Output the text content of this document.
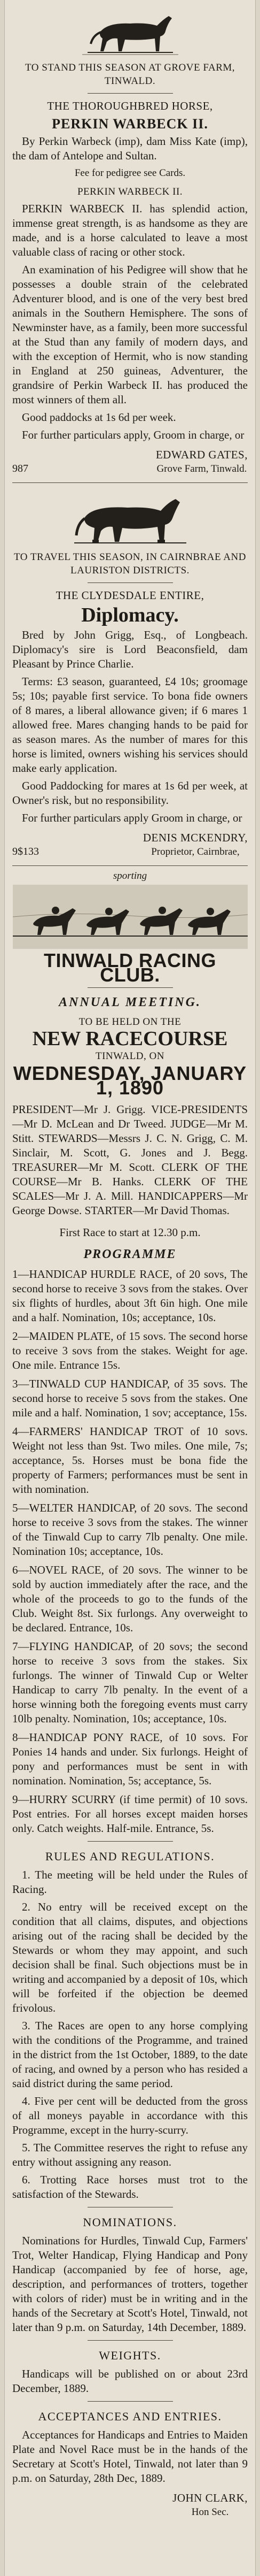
TO STAND THIS SEASON AT GROVE FARM, TINWALD.
THE THOROUGHBRED HORSE,
PERKIN WARBECK II.

By Perkin Warbeck (imp), dam Miss Kate (imp), the dam of Antelope and Sultan.

Fee for pedigree see Cards.
PERKIN WARBECK II.

PERKIN WARBECK II. has splendid action, immense great strength, is as handsome as they are made, and is a horse calculated to leave a most valuable class of racing or other stock.

An examination of his Pedigree will show that he possesses a double strain of the celebrated Adventurer blood, and is one of the very best bred animals in the Southern Hemisphere. The sons of Newminster have, as a family, been more successful at the Stud than any family of modern days, and with the exception of Hermit, who is now standing in England at 250 guineas, Adventurer, the grandsire of Perkin Warbeck II. has produced the most winners of them all.

Good paddocks at 1s 6d per week.

For further particulars apply, Groom in charge, or

EDWARD GATES,
Grove Farm, Tinwald.
987
TO TRAVEL THIS SEASON, IN CAIRNBRAE AND LAURISTON DISTRICTS.
THE CLYDESDALE ENTIRE,
Diplomacy.

Bred by John Grigg, Esq., of Longbeach. Diplomacy's sire is Lord Beaconsfield, dam Pleasant by Prince Charlie.

Terms: £3 season, guaranteed, £4 10s; groomage 5s; 10s; payable first service. To bona fide owners of 8 mares, a liberal allowance given; if 6 mares 1 allowed free. Mares changing hands to be paid for as season mares. As the number of mares for this horse is limited, owners wishing his services should make early application.

Good Paddocking for mares at 1s 6d per week, at Owner's risk, but no responsibility.

For further particulars apply Groom in charge, or

DENIS MCKENDRY,
Proprietor, Cairnbrae,
9$133
sporting
TINWALD RACING CLUB.
ANNUAL MEETING.
TO BE HELD ON THE
NEW RACECOURSE
TINWALD, ON
WEDNESDAY, JANUARY 1, 1890

PRESIDENT—Mr J. Grigg. VICE-PRESIDENTS—Mr D. McLean and Dr Tweed. JUDGE—Mr M. Stitt. STEWARDS—Messrs J. C. N. Grigg, C. M. Sinclair, M. Scott, G. Jones and J. Begg. TREASURER—Mr M. Scott. CLERK OF THE COURSE—Mr B. Hanks. CLERK OF THE SCALES—Mr J. A. Mill. HANDICAPPERS—Mr George Dowse. STARTER—Mr David Thomas.

First Race to start at 12.30 p.m.
PROGRAMME

1—HANDICAP HURDLE RACE, of 20 sovs, The second horse to receive 3 sovs from the stakes. Over six flights of hurdles, about 3ft 6in high. One mile and a half. Nomination, 10s; acceptance, 10s.

2—MAIDEN PLATE, of 15 sovs. The second horse to receive 3 sovs from the stakes. Weight for age. One mile. Entrance 15s.

3—TINWALD CUP HANDICAP, of 35 sovs. The second horse to receive 5 sovs from the stakes. One mile and a half. Nomination, 1 sov; acceptance, 15s.

4—FARMERS' HANDICAP TROT of 10 sovs. Weight not less than 9st. Two miles. One mile, 7s; acceptance, 5s. Horses must be bona fide the property of Farmers; performances must be sent in with nomination.

5—WELTER HANDICAP, of 20 sovs. The second horse to receive 3 sovs from the stakes. The winner of the Tinwald Cup to carry 7lb penalty. One mile. Nomination 10s; acceptance, 10s.

6—NOVEL RACE, of 20 sovs. The winner to be sold by auction immediately after the race, and the whole of the proceeds to go to the funds of the Club. Weight 8st. Six furlongs. Any overweight to be declared. Entrance, 10s.

7—FLYING HANDICAP, of 20 sovs; the second horse to receive 3 sovs from the stakes. Six furlongs. The winner of Tinwald Cup or Welter Handicap to carry 7lb penalty. In the event of a horse winning both the foregoing events must carry 10lb penalty. Nomination, 10s; acceptance, 10s.

8—HANDICAP PONY RACE, of 10 sovs. For Ponies 14 hands and under. Six furlongs. Height of pony and performances must be sent in with nomination. Nomination, 5s; acceptance, 5s.

9—HURRY SCURRY (if time permit) of 10 sovs. Post entries. For all horses except maiden horses only. Catch weights. Half-mile. Entrance, 5s.

RULES AND REGULATIONS.

1. The meeting will be held under the Rules of Racing.

2. No entry will be received except on the condition that all claims, disputes, and objections arising out of the racing shall be decided by the Stewards or whom they may appoint, and such decision shall be final. Such objections must be in writing and accompanied by a deposit of 10s, which will be forfeited if the objection be deemed frivolous.

3. The Races are open to any horse complying with the conditions of the Programme, and trained in the district from the 1st October, 1889, to the date of racing, and owned by a person who has resided a said district during the same period.

4. Five per cent will be deducted from the gross of all moneys payable in accordance with this Programme, except in the hurry-scurry.

5. The Committee reserves the right to refuse any entry without assigning any reason.

6. Trotting Race horses must trot to the satisfaction of the Stewards.

NOMINATIONS.

Nominations for Hurdles, Tinwald Cup, Farmers' Trot, Welter Handicap, Flying Handicap and Pony Handicap (accompanied by fee of horse, age, description, and performances of trotters, together with colors of rider) must be in writing and in the hands of the Secretary at Scott's Hotel, Tinwald, not later than 9 p.m. on Saturday, 14th December, 1889.

WEIGHTS.

Handicaps will be published on or about 23rd December, 1889.

ACCEPTANCES AND ENTRIES.

Acceptances for Handicaps and Entries to Maiden Plate and Novel Race must be in the hands of the Secretary at Scott's Hotel, Tinwald, not later than 9 p.m. on Saturday, 28th Dec, 1889.

JOHN CLARK,
Hon Sec.
